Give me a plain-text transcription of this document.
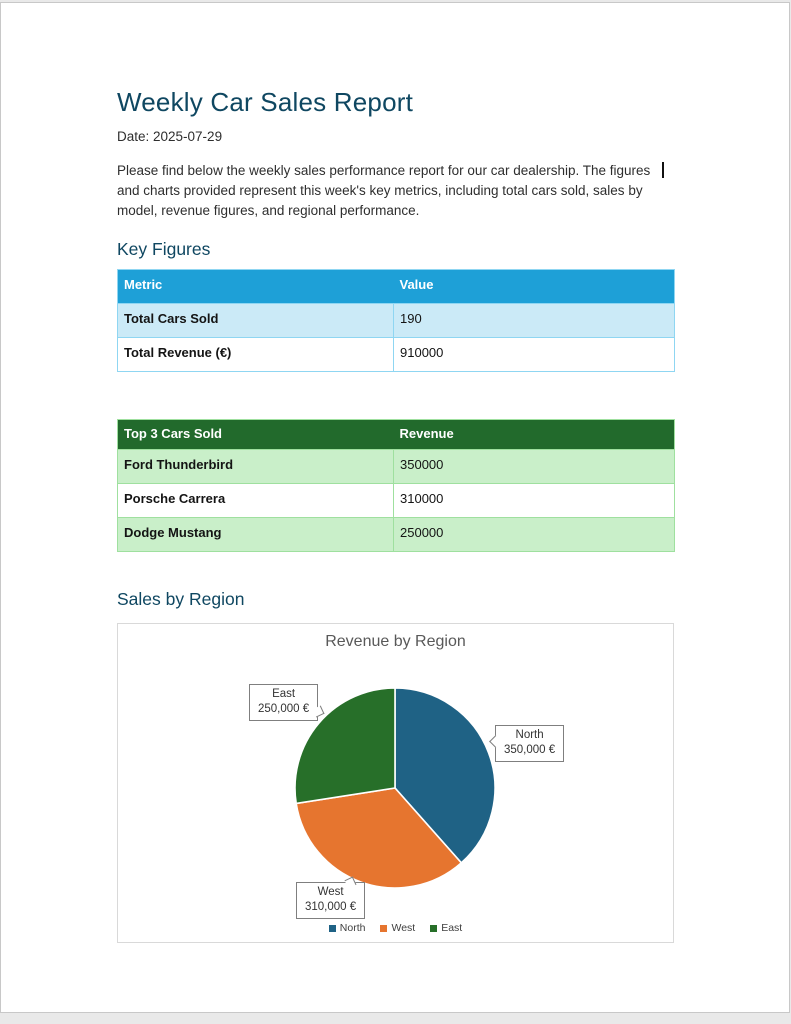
Weekly Car Sales Report

Date: 2025-07-29

Please find below the weekly sales performance report for our car dealership. The figures and charts provided represent this week's key metrics, including total cars sold, sales by model, revenue figures, and regional performance.

Key Figures
Metric	Value
Total Cars Sold	190
Total Revenue (€)	910000
Top 3 Cars Sold	Revenue
Ford Thunderbird	350000
Porsche Carrera	310000
Dodge Mustang	250000
Sales by Region
Revenue by Region
East
250,000 €
North
350,000 €
West
310,000 €
North West East
